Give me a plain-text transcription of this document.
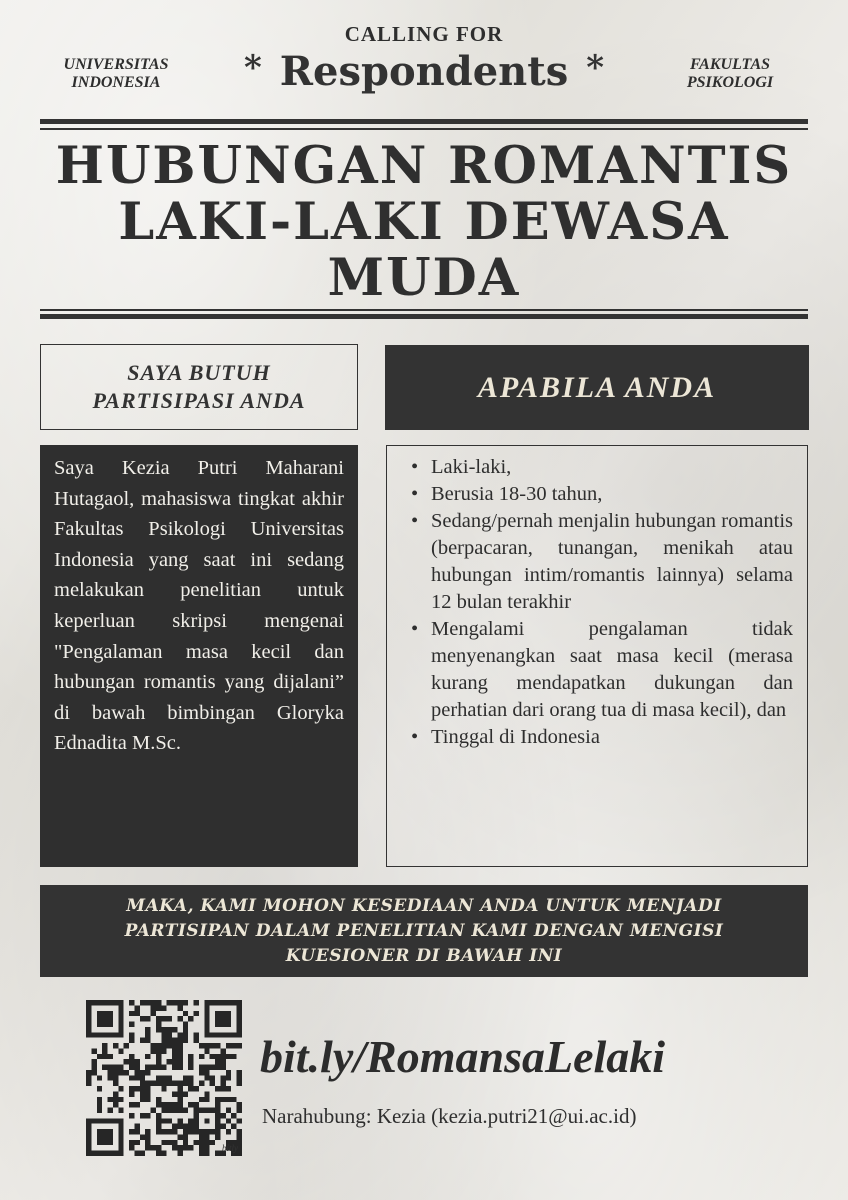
CALLING FOR
UNIVERSITAS
INDONESIA
FAKULTAS
PSIKOLOGI
* Respondents *
HUBUNGAN ROMANTIS
LAKI-LAKI DEWASA
MUDA
SAYA BUTUH
PARTISIPASI ANDA	APABILA ANDA
Saya Kezia Putri Maharani Hutagaol, mahasiswa tingkat akhir Fakultas Psikologi Universitas Indonesia yang saat ini sedang melakukan penelitian untuk keperluan skripsi mengenai "Pengalaman masa kecil dan hubungan romantis yang dijalani” di bawah bimbingan Gloryka Ednadita M.Sc.
• Laki-laki,
• Berusia 18-30 tahun,
• Sedang/pernah menjalin hubungan romantis (berpacaran, tunangan, menikah atau hubungan intim/romantis lainnya) selama 12 bulan terakhir
• Mengalami pengalaman tidak menyenangkan saat masa kecil (merasa kurang mendapatkan dukungan dan perhatian dari orang tua di masa kecil), dan
• Tinggal di Indonesia
MAKA, KAMI MOHON KESEDIAAN ANDA UNTUK MENJADI
PARTISIPAN DALAM PENELITIAN KAMI DENGAN MENGISI
KUESIONER DI BAWAH INI
bitly
bit.ly/RomansaLelaki
Narahubung: Kezia (kezia.putri21@ui.ac.id)
